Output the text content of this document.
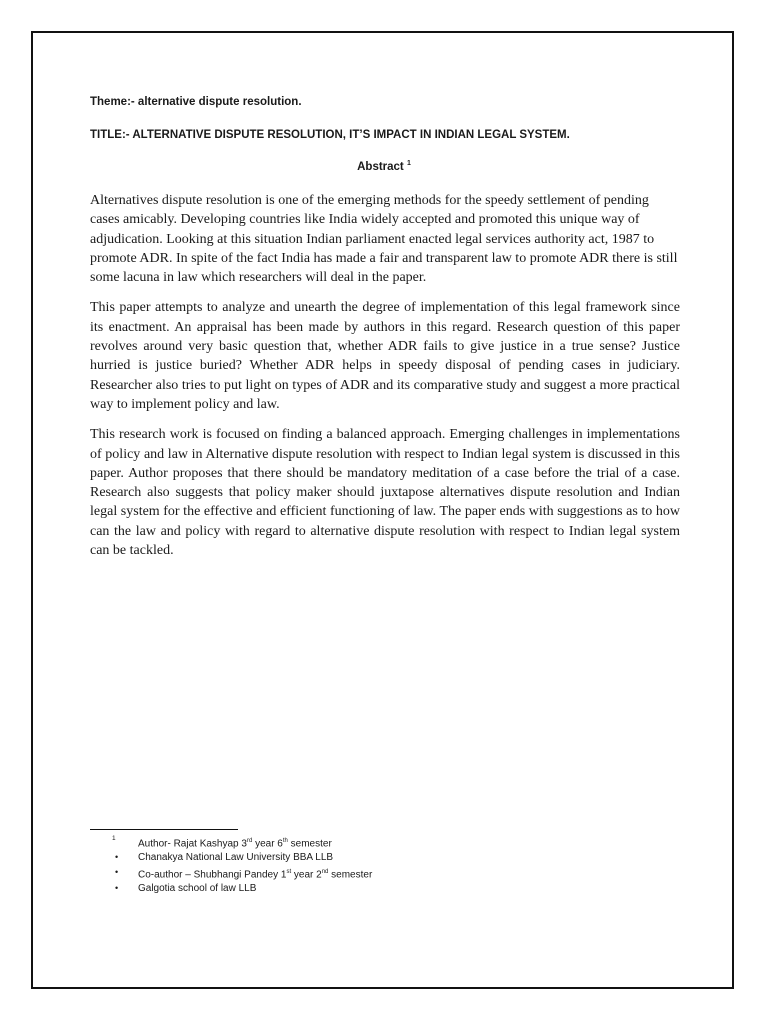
Theme:- alternative dispute resolution.
TITLE:- ALTERNATIVE DISPUTE RESOLUTION, IT’S IMPACT IN INDIAN LEGAL SYSTEM.
Abstract $^1$

Alternatives dispute resolution is one of the emerging methods for the speedy settlement of pending cases amicably. Developing countries like India widely accepted and promoted this unique way of adjudication. Looking at this situation Indian parliament enacted legal services authority act, 1987 to promote ADR. In spite of the fact India has made a fair and transparent law to promote ADR there is still some lacuna in law which researchers will deal in the paper.

This paper attempts to analyze and unearth the degree of implementation of this legal framework since its enactment. An appraisal has been made by authors in this regard. Research question of this paper revolves around very basic question that, whether ADR fails to give justice in a true sense? Justice hurried is justice buried? Whether ADR helps in speedy disposal of pending cases in judiciary. Researcher also tries to put light on types of ADR and its comparative study and suggest a more practical way to implement policy and law.

This research work is focused on finding a balanced approach. Emerging challenges in implementations of policy and law in Alternative dispute resolution with respect to Indian legal system is discussed in this paper. Author proposes that there should be mandatory meditation of a case before the trial of a case. Research also suggests that policy maker should juxtapose alternatives dispute resolution and Indian legal system for the effective and efficient functioning of law. The paper ends with suggestions as to how can the law and policy with regard to alternative dispute resolution with respect to Indian legal system can be tackled.

1 Author- Rajat Kashyap 3rd year 6th semester
• Chanakya National Law University BBA LLB
• Co-author – Shubhangi Pandey 1st year 2nd semester
• Galgotia school of law LLB
